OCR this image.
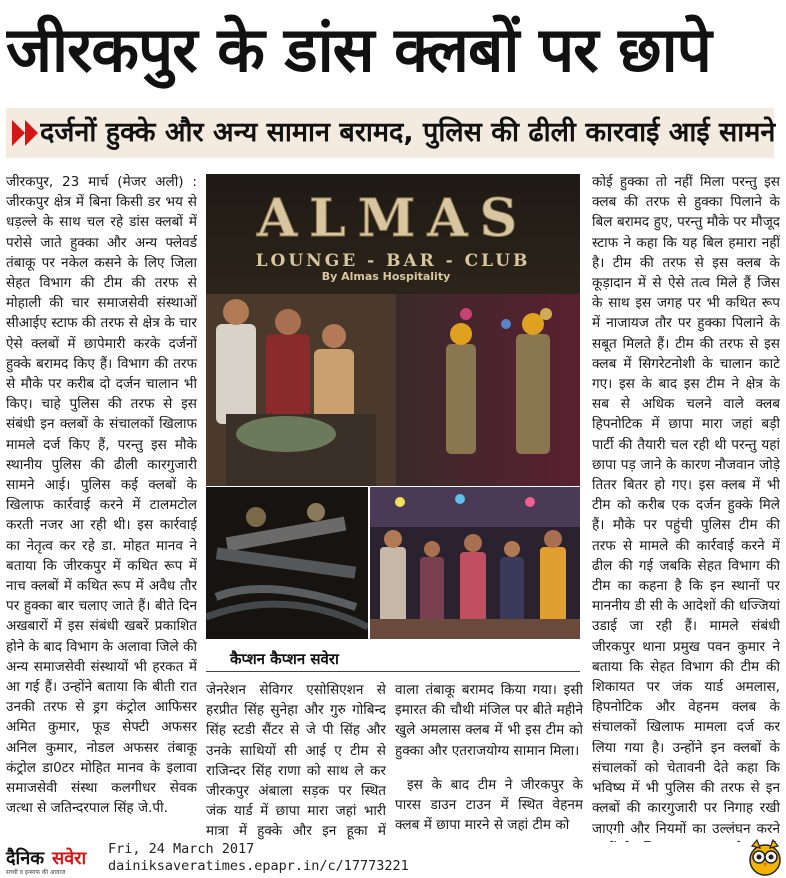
जीरकपुर के डांस क्लबों पर छापे
दर्जनों हुक्के और अन्य सामान बरामद, पुलिस की ढीली कारवाई आई सामने
जीरकपुर, 23 मार्च (मेजर अली) : जीरकपुर क्षेत्र में बिना किसी डर भय से धड़ल्ले के साथ चल रहे डांस क्लबों में परोसे जाते हुक्का और अन्य फ्लेवर्ड तंबाकू पर नकेल कसने के लिए जिला सेहत विभाग की टीम की तरफ से मोहाली की चार समाजसेवी संस्थाओं सीआईए स्टाफ की तरफ से क्षेत्र के चार ऐसे क्लबों में छापेमारी करके दर्जनों हुक्के बरामद किए हैं। विभाग की तरफ से मौके पर करीब दो दर्जन चालान भी किए। चाहे पुलिस की तरफ से इस संबंधी इन क्लबों के संचालकों खिलाफ मामले दर्ज किए हैं, परन्तु इस मौके स्थानीय पुलिस की ढीली कारगुजारी सामने आई। पुलिस कई क्लबों के खिलाफ कार्रवाई करने में टालमटोल करती नजर आ रही थी। इस कार्रवाई का नेतृत्व कर रहे डा. मोहत मानव ने बताया कि जीरकपुर में कथित रूप में नाच क्लबों में कथित रूप में अवैध तौर पर हुक्का बार चलाए जाते हैं। बीते दिन अखबारों में इस संबंधी खबरें प्रकाशित होने के बाद विभाग के अलावा जिले की अन्य समाजसेवी संस्थायों भी हरकत में आ गई हैं। उन्होंने बताया कि बीती रात उनकी तरफ से ड्रग कंट्रोल आफिसर अमित कुमार, फूड सेफ्टी अफसर अनिल कुमार, नोडल अफसर तंबाकू कंट्रोल डा0टर मोहित मानव के इलावा समाजसेवी संस्था कलगीधर सेवक जत्था से जतिन्दरपाल सिंह जे.पी.
ALMAS
LOUNGE - BAR - CLUB
By Almas Hospitality
कैप्शन कैप्शन सवेरा
जेनरेशन सेविगर एसोसिएशन से हरप्रीत सिंह सुनेहा और गुरु गोबिन्द सिंह स्टडी सैंटर से जे पी सिंह और उनके साथियों सी आई ए टीम से राजिन्दर सिंह राणा को साथ ले कर जीरकपुर अंबाला सड़क पर स्थित जंक यार्ड में छापा मारा जहां भारी मात्रा में हुक्के और इन हूका में

वाला तंबाकू बरामद किया गया। इसी इमारत की चौथी मंजिल पर बीते महीने खुले अमलास क्लब में भी इस टीम को हुक्का और एतराजयोग्य सामान मिला।

इस के बाद टीम ने जीरकपुर के पारस डाउन टाउन में स्थित वेहनम क्लब में छापा मारने से जहां टीम को

कोई हुक्का तो नहीं मिला परन्तु इस क्लब की तरफ से हुक्का पिलाने के बिल बरामद हुए, परन्तु मौके पर मौजूद स्टाफ ने कहा कि यह बिल हमारा नहीं है। टीम की तरफ से इस क्लब के कूड़ादान में से ऐसे तत्व मिले हैं जिस के साथ इस जगह पर भी कथित रूप में नाजायज तौर पर हुक्का पिलाने के सबूत मिलते हैं। टीम की तरफ से इस क्लब में सिगरेटनोशी के चालान काटे गए। इस के बाद इस टीम ने क्षेत्र के सब से अधिक चलने वाले क्लब हिपनोटिक में छापा मारा जहां बड़ी पार्टी की तैयारी चल रही थी परन्तु यहां छापा पड़ जाने के कारण नौजवान जोड़े तितर बितर हो गए। इस क्लब में भी टीम को करीब एक दर्जन हुक्के मिले हैं। मौके पर पहुंची पुलिस टीम की तरफ से मामले की कार्रवाई करने में ढील की गई जबकि सेहत विभाग की टीम का कहना है कि इन स्थानों पर माननीय डी सी के आदेशों की धज्जियां उडाई जा रही हैं। मामले संबंधी जीरकपुर थाना प्रमुख पवन कुमार ने बताया कि सेहत विभाग की टीम की शिकायत पर जंक यार्ड अमलास, हिपनोटिक और वेहनम क्लब के संचालकों खिलाफ मामला दर्ज कर लिया गया है। उन्होंने इन क्लबों के संचालकों को चेतावनी देते कहा कि भविष्य में भी पुलिस की तरफ से इन क्लबों की कारगुजारी पर निगाह रखी जाएगी और नियमों का उल्लंघन करने
दैनिक सवेरा
सच्ची व इन्साफ की आवाज
Fri, 24 March 2017
dainiksaveratimes.epapr.in/c/17773221
